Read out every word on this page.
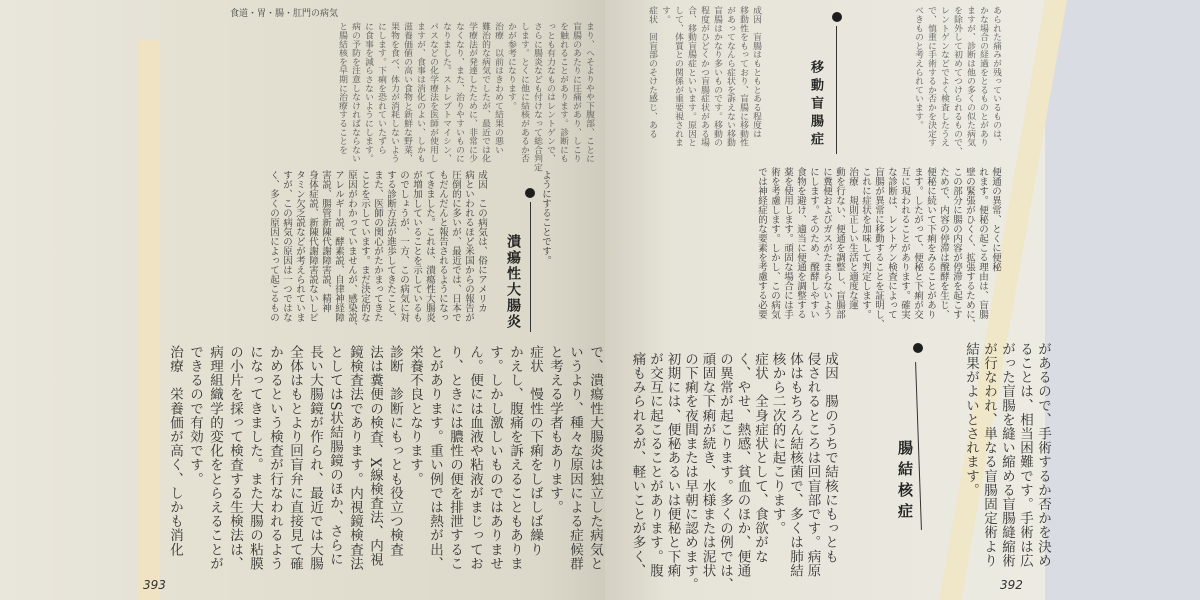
食道・胃・腸・肛門の病気
移動盲腸症
潰瘍性大腸炎
腸結核症
あられた痛みが残っているものは、
かな場合の経過をとるものとがあり
ますが、診断は他の多くの似た病気
を除外して初めてつけられるもので、
レントゲンなどでよく検査したうえ
で、慎重に手術するか否かを決定す
べきものと考えられています。
成因　盲腸はもともとある程度は
移動性をもっており、盲腸に移動性
があってなんら症状を訴えない移動
盲腸はかなり多いものです。移動の
程度がひどくかつ盲腸症状がある場
合、移動盲腸症といいます。原因と
して、体質との関係が重要視されま
す。
症状　回盲部のそけた感じ、ある
便通の異常、とくに便秘
れます。便秘の起こる理由は、盲腸
壁の緊張がひくく、拡張するために、
この部分に腸の内容が停滞を起こす
ためで、内容の停滞は醗酵を生じ、
便秘に続いて下痢をみることがあり
ます。したがって、便秘と下痢が交
互に現われることがあります。確実
な診断は、レントゲン検査によって
盲腸が異常に移動することを証明し、
これに症状を加味して判定します。
治療　規則正しい生活と適度な運
動を行ない、便通を調整し、盲腸部
に糞便およびガスがたまらないよう
にします。そのため、醗酵しやすい
食物を避け、適当に便通を調整する
薬を使用します。頑固な場合には手
術を考慮します。しかし、この病気
では神経症的な要素を考慮する必要
まり、へそよりやや下腹部、ことに
盲腸のあたりに圧痛があり、しこり
を触れることがあります。診断にも
っとも有力なものはレントゲンで、
さらに腸炎なども付けなって総合判定
します。とくに他に結核があるか否
かが参考になります。
治療　以前はきわめて結果の悪い
難治的な病気でしたが、最近では化
学療法が発達したために、非常に少
なくなり、また、治りやすいものに
なりました。ストレプトマイシン、
パスなどの化学療法を医師が使用し
ますが、食事は消化のよい、しかも
滋養価値の高い食物と新鮮な野菜、
果物を食べ、体力が消耗しないよう
にします。下痢を恐れていたずら
に食事を減らさないようにします。
病の予防を注意しなければならない
と腸結核を早期に治療することを
ようにすることです。
成因　この病気は、俗にアメリカ
病といわれるほど米国からの報告が
圧倒的に多いが、最近では、日本で
もだんだんと報告されるようになっ
てきました。これは、潰瘍性大腸炎
が増加していることを示しているも
のでしょうが、一方、この病気に対
する診断方法が進歩してきたこと、
また、医師の関心がたかまってきた
ことを示しています。まだ決定的な
原因がわかっていませんが、感染説、
アレルギー説、酵素説、自律神経障
害説、腸管新陳代謝障害説、精神
身体症説、新陳代謝障害説ないしビ
タミン欠乏説などが考えられていま
すが、この病気の原因は一つではな
く、多くの原因によって起こるもの
で、潰瘍性大腸炎は独立した病気と
いうより、種々な原因による症候群
と考える学者もあります。
症状　慢性の下痢をしばしば繰り
かえし、腹痛を訴えることもありま
す。しかし激しいものではありませ
ん。便には血液や粘液がまじってお
り、ときには膿性の便を排泄するこ
とがあります。重い例では熱が出、
栄養不良となります。
診断　診断にもっとも役立つ検査
法は糞便の検査、X線検査法、内視
鏡検査法であります。内視鏡検査法
としてはS状結腸鏡のほか、さらに
長い大腸鏡が作られ、最近では大腸
全体はもとより回盲弁に直接見て確
かめるという検査が行なわれるよう
になってきました。また大腸の粘膜
の小片を採って検査する生検法は、
病理組織学的変化をとらえることが
できるので有効です。
治療　栄養価が高く、しかも消化	があるので、手術するか否かを決め
ることは、相当困難です。手術は広
がった盲腸を縫い縮める盲腸縫縮術
が行なわれ、単なる盲腸固定術より
結果がよいとされます。
成因　腸のうちで結核にもっとも
侵されるところは回盲部です。病原
体はもちろん結核菌で、多くは肺結
核から二次的に起こります。
症状　全身症状として、食欲がな
く、やせ、熱感、貧血のほか、便通
の異常が起こります。多くの例では、
頑固な下痢が続き、水様または泥状
の下痢を夜間または早朝に認めます。
初期には、便秘あるいは便秘と下痢
が交互に起こることがあります。腹
痛もみられるが、軽いことが多く、
393	392
